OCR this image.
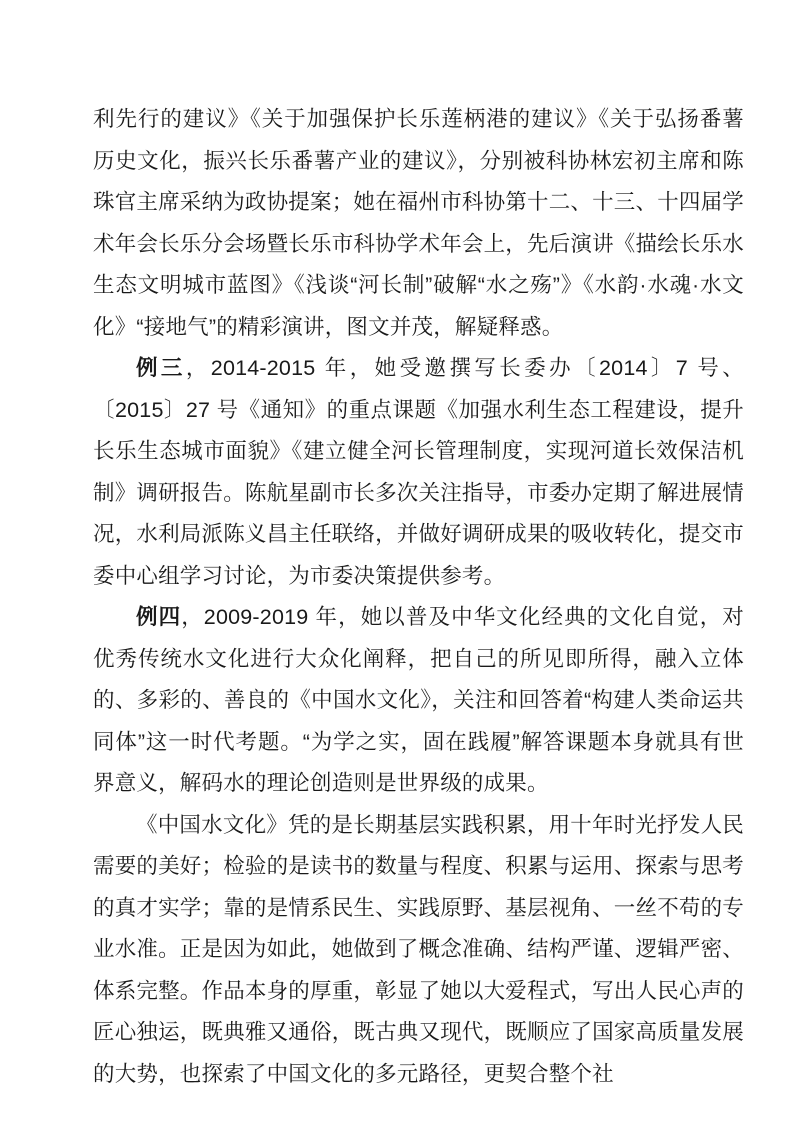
利先行的建议》《关于加强保护长乐莲柄港的建议》《关于弘扬番薯历史文化，振兴长乐番薯产业的建议》，分别被科协林宏初主席和陈珠官主席采纳为政协提案；她在福州市科协第十二、十三、十四届学术年会长乐分会场暨长乐市科协学术年会上，先后演讲《描绘长乐水生态文明城市蓝图》《浅谈“河长制”破解“水之殇”》《水韵·水魂·水文化》“接地气”的精彩演讲，图文并茂，解疑释惑。

例三，2014-2015 年，她受邀撰写长委办〔2014〕7 号、〔2015〕27 号《通知》的重点课题《加强水利生态工程建设，提升长乐生态城市面貌》《建立健全河长管理制度，实现河道长效保洁机制》调研报告。陈航星副市长多次关注指导，市委办定期了解进展情况，水利局派陈义昌主任联络，并做好调研成果的吸收转化，提交市委中心组学习讨论，为市委决策提供参考。

例四，2009-2019 年，她以普及中华文化经典的文化自觉，对优秀传统水文化进行大众化阐释，把自己的所见即所得，融入立体的、多彩的、善良的《中国水文化》，关注和回答着“构建人类命运共同体”这一时代考题。“为学之实，固在践履”解答课题本身就具有世界意义，解码水的理论创造则是世界级的成果。

《中国水文化》凭的是长期基层实践积累，用十年时光抒发人民需要的美好；检验的是读书的数量与程度、积累与运用、探索与思考的真才实学；靠的是情系民生、实践原野、基层视角、一丝不苟的专业水准。正是因为如此，她做到了概念准确、结构严谨、逻辑严密、体系完整。作品本身的厚重，彰显了她以大爱程式，写出人民心声的匠心独运，既典雅又通俗，既古典又现代，既顺应了国家高质量发展的大势，也探索了中国文化的多元路径，更契合整个社
